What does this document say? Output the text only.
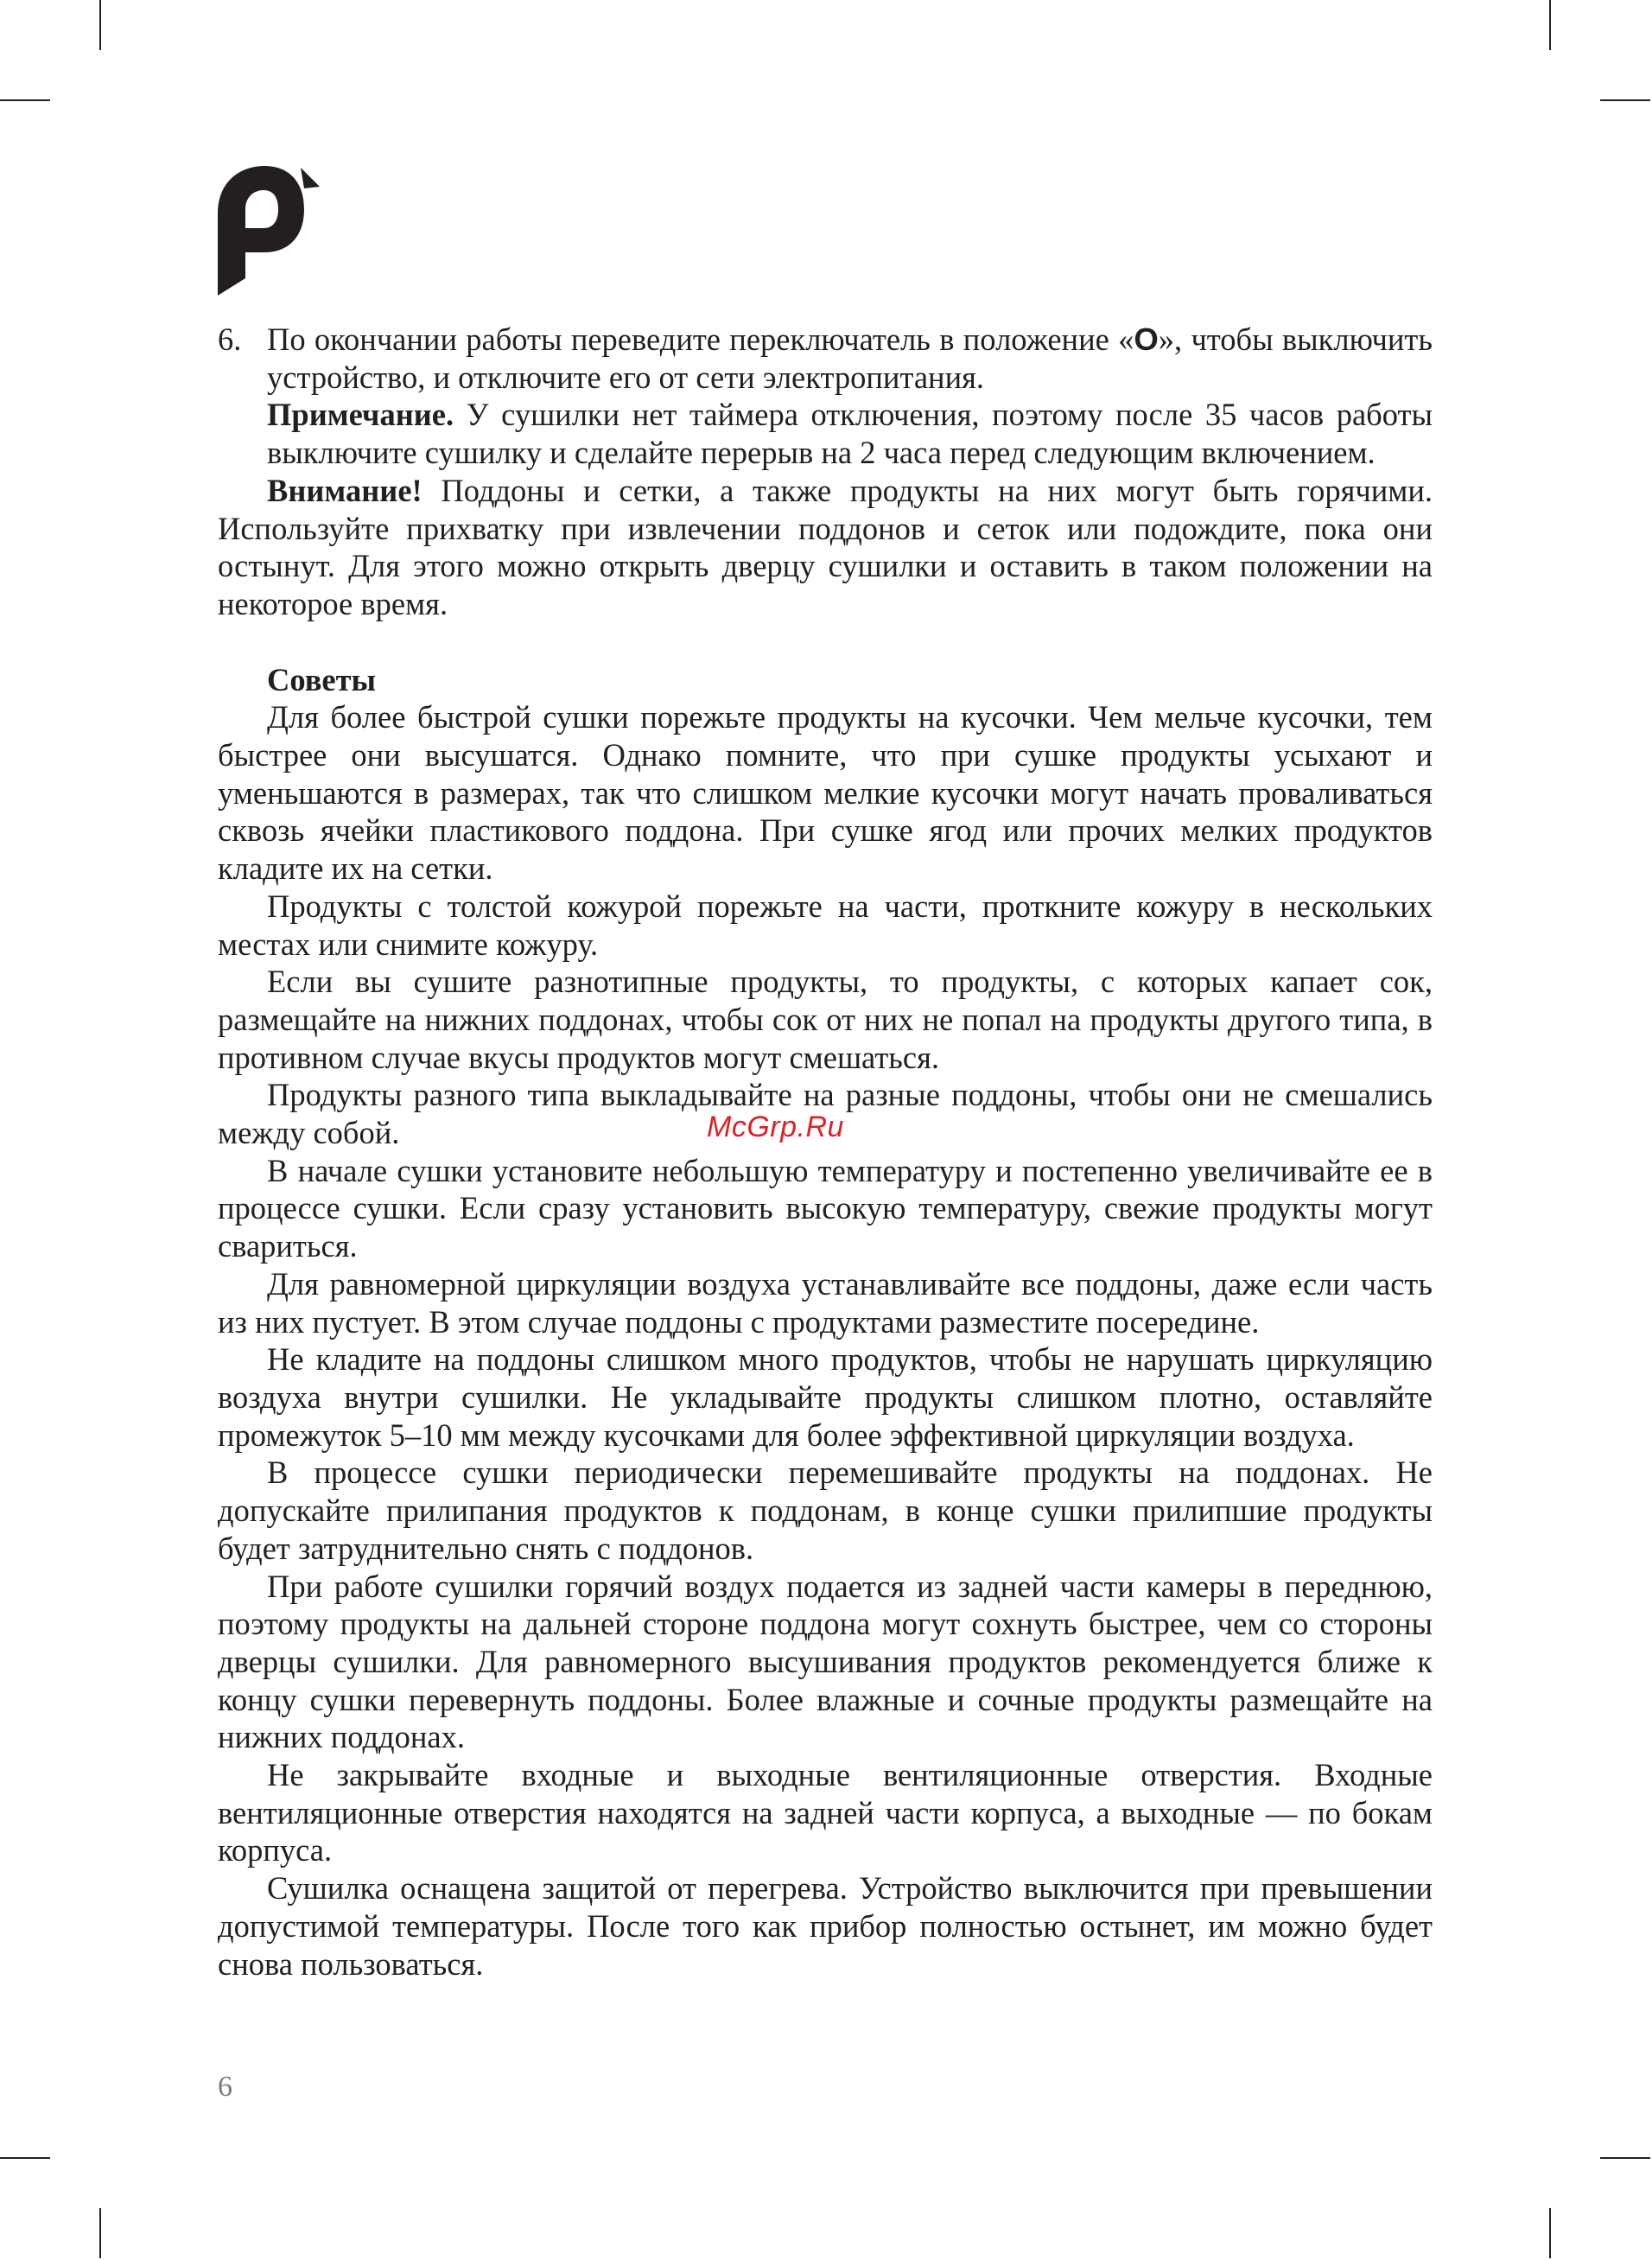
6. По окончании работы переведите переключатель в положение «O», чтобы выключить устройство, и отключите его от сети электропитания.

Примечание. У сушилки нет таймера отключения, поэтому после 35 часов работы выключите сушилку и сделайте перерыв на 2 часа перед следующим включением.

Внимание! Поддоны и сетки, а также продукты на них могут быть горячими. Используйте прихватку при извлечении поддонов и сеток или подождите, пока они остынут. Для этого можно открыть дверцу сушилки и оставить в таком положении на некоторое время.

Советы

Для более быстрой сушки порежьте продукты на кусочки. Чем мельче кусочки, тем быстрее они высушатся. Однако помните, что при сушке продукты усыхают и уменьшаются в размерах, так что слишком мелкие кусочки могут начать проваливаться сквозь ячейки пластикового поддона. При сушке ягод или прочих мелких продуктов кладите их на сетки.

Продукты с толстой кожурой порежьте на части, проткните кожуру в нескольких местах или снимите кожуру.

Если вы сушите разнотипные продукты, то продукты, с которых капает сок, размещайте на нижних поддонах, чтобы сок от них не попал на продукты другого типа, в противном случае вкусы продуктов могут смешаться.

Продукты разного типа выкладывайте на разные поддоны, чтобы они не смешались между собой.

В начале сушки установите небольшую температуру и постепенно увеличивайте ее в процессе сушки. Если сразу установить высокую температуру, свежие продукты могут свариться.

Для равномерной циркуляции воздуха устанавливайте все поддоны, даже если часть из них пустует. В этом случае поддоны с продуктами разместите посередине.

Не кладите на поддоны слишком много продуктов, чтобы не нарушать циркуляцию воздуха внутри сушилки. Не укладывайте продукты слишком плотно, оставляйте промежуток 5–10 мм между кусочками для более эффективной циркуляции воздуха.

В процессе сушки периодически перемешивайте продукты на поддонах. Не допускайте прилипания продуктов к поддонам, в конце сушки прилипшие продукты будет затруднительно снять с поддонов.

При работе сушилки горячий воздух подается из задней части камеры в переднюю, поэтому продукты на дальней стороне поддона могут сохнуть быстрее, чем со стороны дверцы сушилки. Для равномерного высушивания продуктов рекомендуется ближе к концу сушки перевернуть поддоны. Более влажные и сочные продукты размещайте на нижних поддонах.

Не закрывайте входные и выходные вентиляционные отверстия. Входные вентиляционные отверстия находятся на задней части корпуса, а выходные — по бокам корпуса.

Сушилка оснащена защитой от перегрева. Устройство выключится при превышении допустимой температуры. После того как прибор полностью остынет, им можно будет снова пользоваться.

McGrp.Ru
6
